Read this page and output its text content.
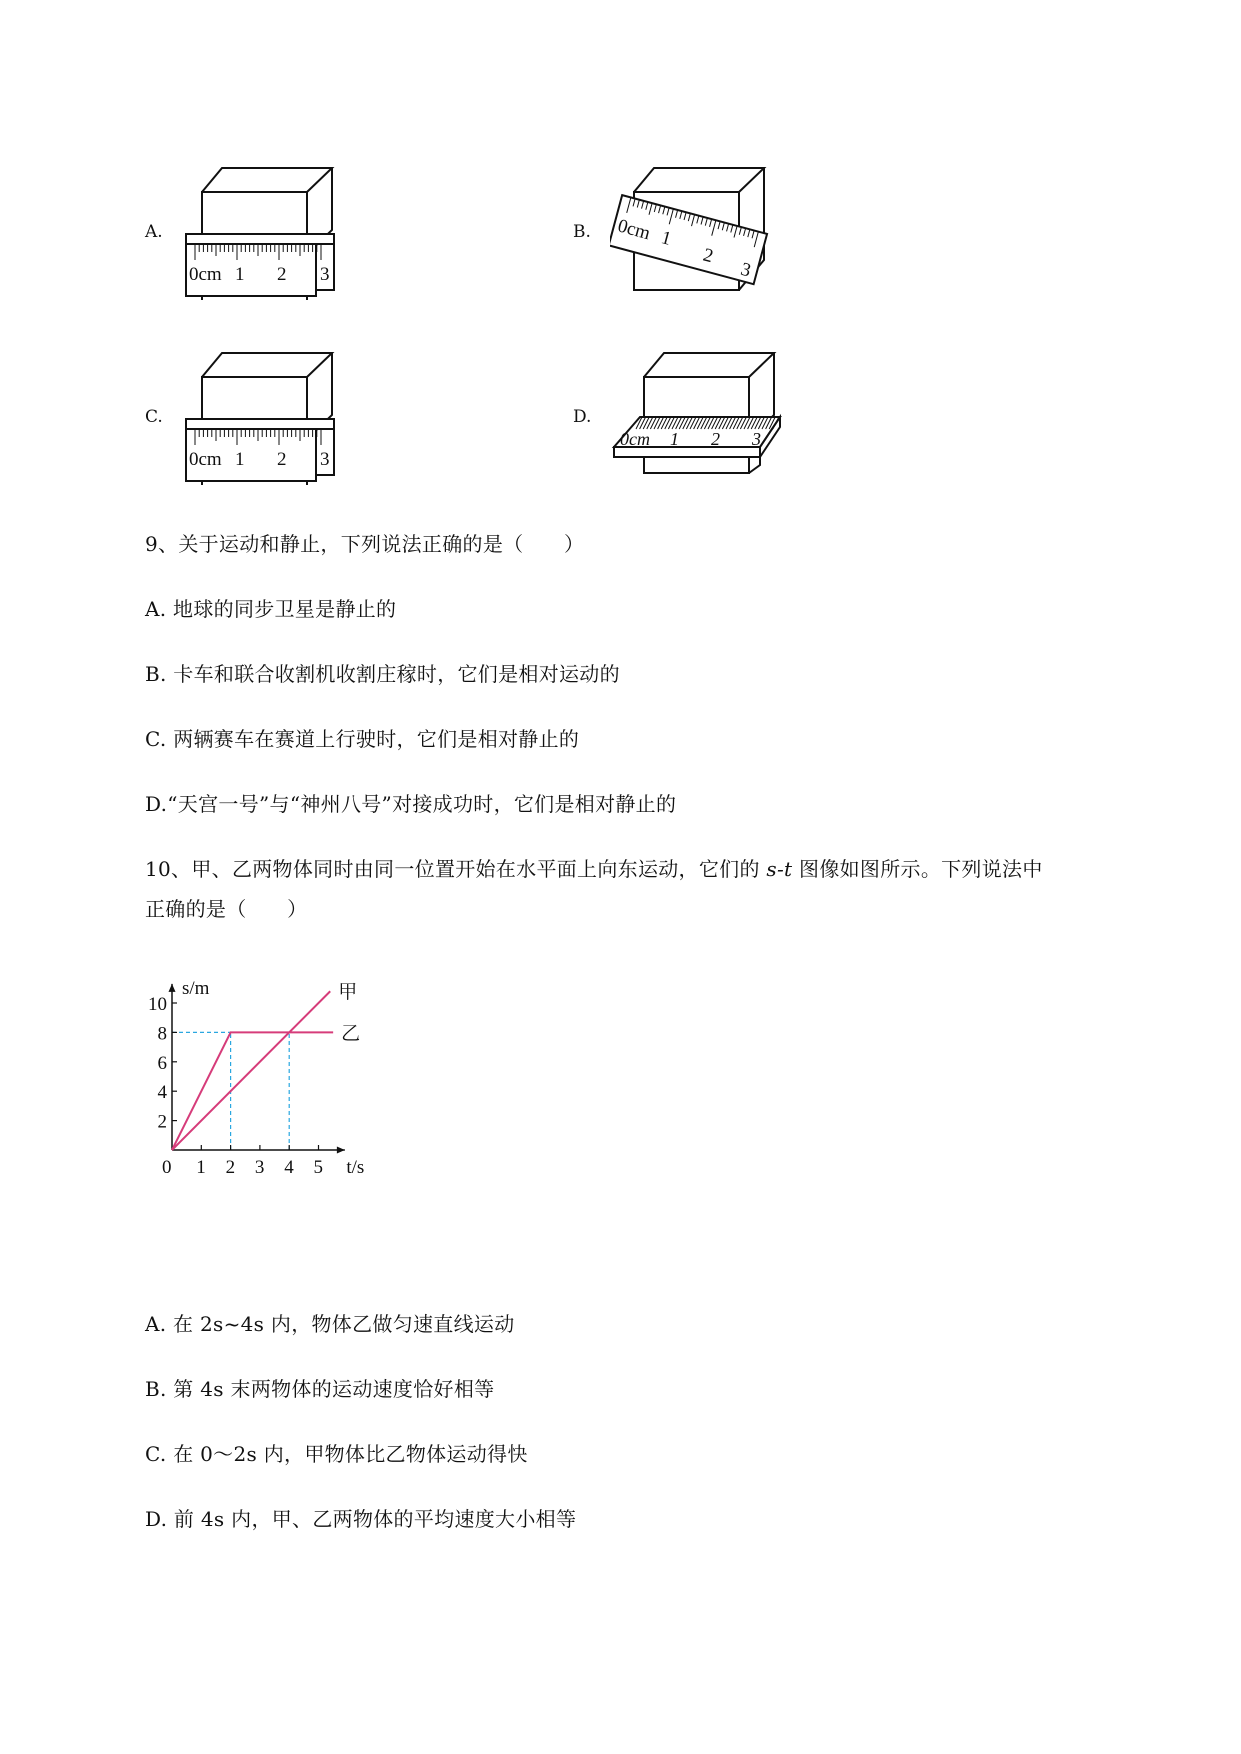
A.	B.
C.	D.
0cm 1 2 3
0cm 1
2
3
0cm 1 2 3
0cm 1 2 3
9、关于运动和静止，下列说法正确的是（　　）
A. 地球的同步卫星是静止的
B. 卡车和联合收割机收割庄稼时，它们是相对运动的
C. 两辆赛车在赛道上行驶时，它们是相对静止的
D.“天宫一号”与“神州八号”对接成功时，它们是相对静止的
10、甲、乙两物体同时由同一位置开始在水平面上向东运动，它们的 s-t 图像如图所示。下列说法中
正确的是（　　）
0 1 2 3 4 5
2
4
6
8
10
s/m
t/s
甲
乙
A. 在 2s~4s 内，物体乙做匀速直线运动
B. 第 4s 末两物体的运动速度恰好相等
C. 在 0～2s 内，甲物体比乙物体运动得快
D. 前 4s 内，甲、乙两物体的平均速度大小相等
